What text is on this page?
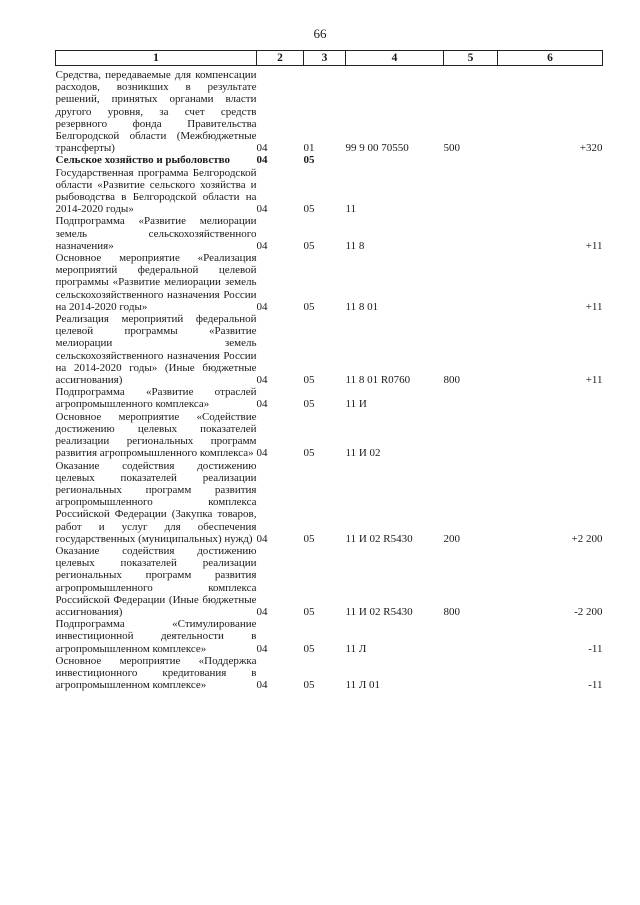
66
1	2	3	4	5	6
Средства, передаваемые для компенсации расходов, возникших в результате решений, принятых органами власти другого уровня, за счет средств резервного фонда Правительства Белгородской области (Межбюджетные трансферты)	04	01	99 9 00 70550	500	+320
Сельское хозяйство и рыболовство	04	05			
Государственная программа Белгородской области «Развитие сельского хозяйства и рыбоводства в Белгородской области на 2014-2020 годы»	04	05	11		
Подпрограмма «Развитие мелиорации земель сельскохозяйственного назначения»	04	05	11 8		+11
Основное мероприятие «Реализация мероприятий федеральной целевой программы «Развитие мелиорации земель сельскохозяйственного назначения России на 2014-2020 годы»	04	05	11 8 01		+11
Реализация мероприятий федеральной целевой программы «Развитие мелиорации земель сельскохозяйственного назначения России на 2014-2020 годы» (Иные бюджетные ассигнования)	04	05	11 8 01 R0760	800	+11
Подпрограмма «Развитие отраслей агропромышленного комплекса»	04	05	11 И		
Основное мероприятие «Содействие достижению целевых показателей реализации региональных программ развития агропромышленного комплекса»	04	05	11 И 02		
Оказание содействия достижению целевых показателей реализации региональных программ развития агропромышленного комплекса Российской Федерации (Закупка товаров, работ и услуг для обеспечения государственных (муниципальных) нужд)	04	05	11 И 02 R5430	200	+2 200
Оказание содействия достижению целевых показателей реализации региональных программ развития агропромышленного комплекса Российской Федерации (Иные бюджетные ассигнования)	04	05	11 И 02 R5430	800	-2 200
Подпрограмма «Стимулирование инвестиционной деятельности в агропромышленном комплексе»	04	05	11 Л		-11
Основное мероприятие «Поддержка инвестиционного кредитования в агропромышленном комплексе»	04	05	11 Л 01		-11
